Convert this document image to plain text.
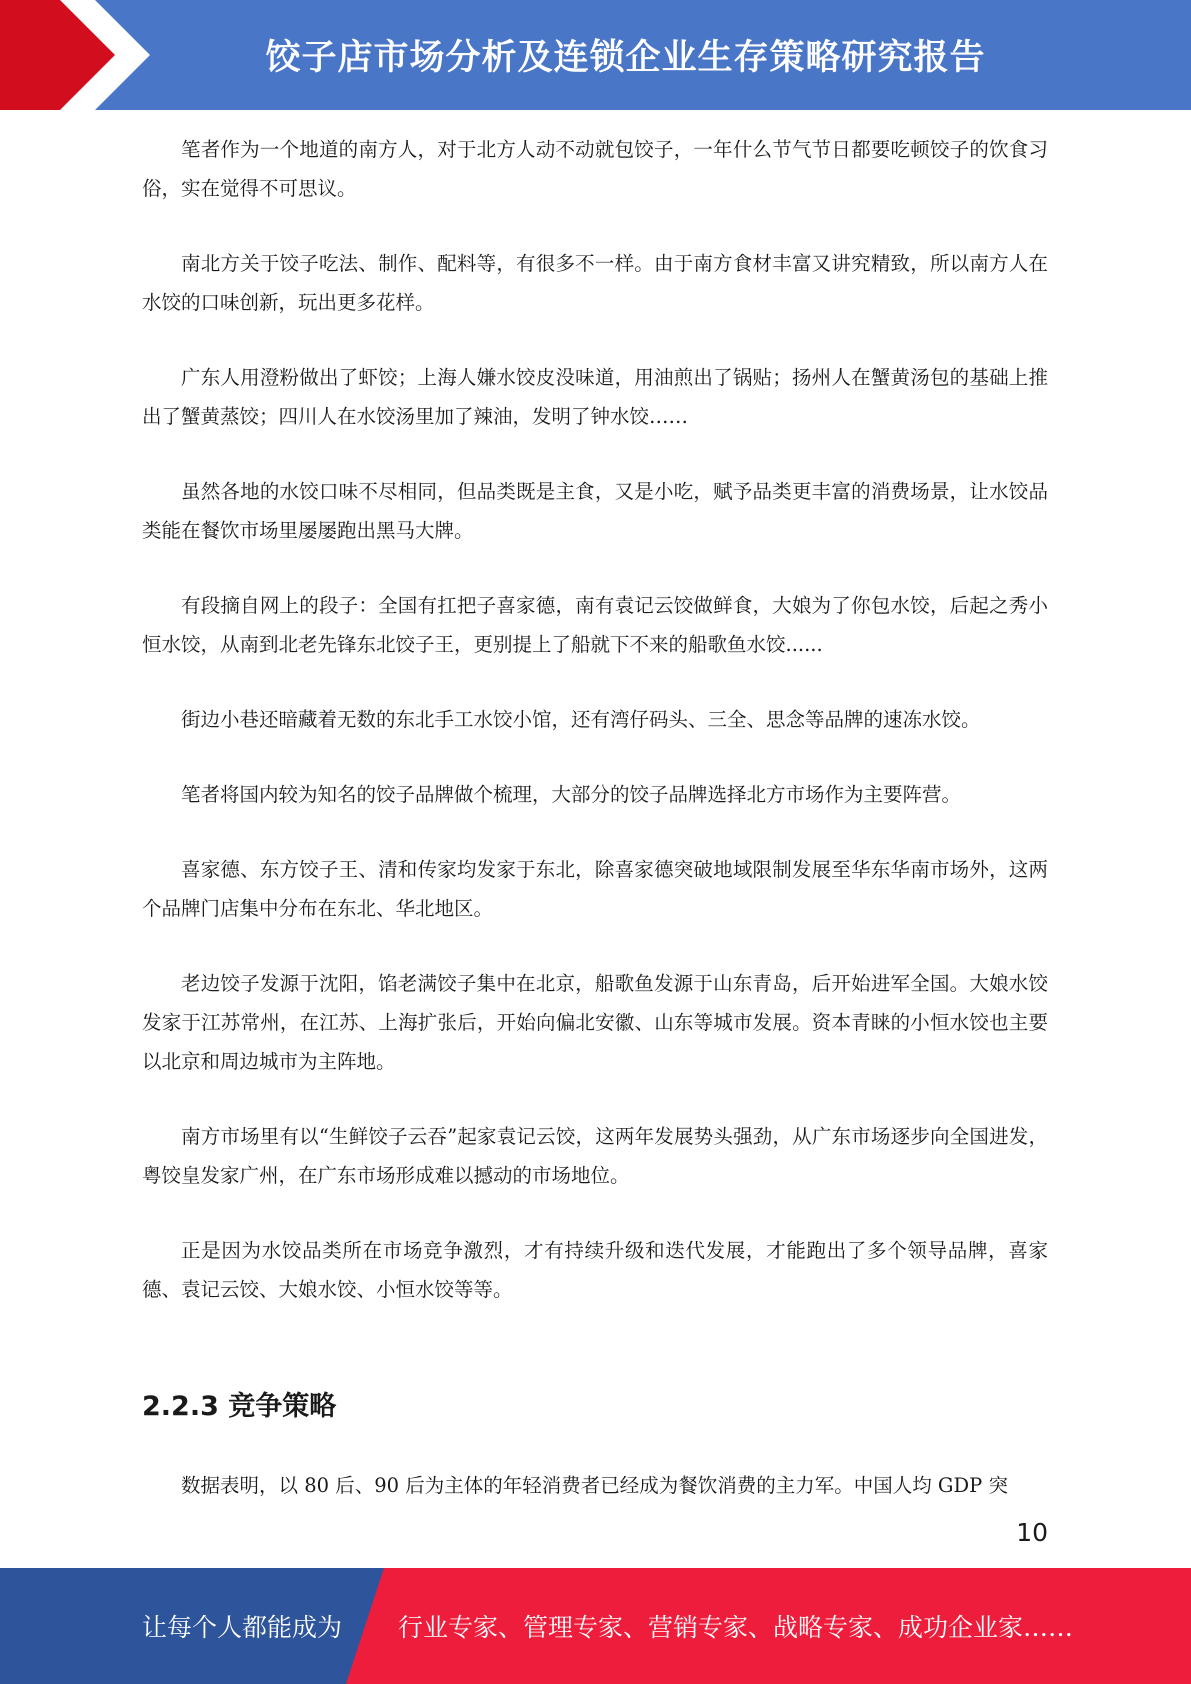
饺子店市场分析及连锁企业生存策略研究报告

笔者作为一个地道的南方人，对于北方人动不动就包饺子，一年什么节气节日都要吃顿饺子的饮食习俗，实在觉得不可思议。

南北方关于饺子吃法、制作、配料等，有很多不一样。由于南方食材丰富又讲究精致，所以南方人在水饺的口味创新，玩出更多花样。

广东人用澄粉做出了虾饺；上海人嫌水饺皮没味道，用油煎出了锅贴；扬州人在蟹黄汤包的基础上推出了蟹黄蒸饺；四川人在水饺汤里加了辣油，发明了钟水饺……

虽然各地的水饺口味不尽相同，但品类既是主食，又是小吃，赋予品类更丰富的消费场景，让水饺品类能在餐饮市场里屡屡跑出黑马大牌。

有段摘自网上的段子：全国有扛把子喜家德，南有袁记云饺做鲜食，大娘为了你包水饺，后起之秀小恒水饺，从南到北老先锋东北饺子王，更别提上了船就下不来的船歌鱼水饺......

街边小巷还暗藏着无数的东北手工水饺小馆，还有湾仔码头、三全、思念等品牌的速冻水饺。

笔者将国内较为知名的饺子品牌做个梳理，大部分的饺子品牌选择北方市场作为主要阵营。

喜家德、东方饺子王、清和传家均发家于东北，除喜家德突破地域限制发展至华东华南市场外，这两个品牌门店集中分布在东北、华北地区。

老边饺子发源于沈阳，馅老满饺子集中在北京，船歌鱼发源于山东青岛，后开始进军全国。大娘水饺发家于江苏常州，在江苏、上海扩张后，开始向偏北安徽、山东等城市发展。资本青睐的小恒水饺也主要以北京和周边城市为主阵地。

南方市场里有以“生鲜饺子云吞”起家袁记云饺，这两年发展势头强劲，从广东市场逐步向全国进发，粤饺皇发家广州，在广东市场形成难以撼动的市场地位。

正是因为水饺品类所在市场竞争激烈，才有持续升级和迭代发展，才能跑出了多个领导品牌，喜家德、袁记云饺、大娘水饺、小恒水饺等等。

2.2.3 竞争策略

数据表明，以 80 后、90 后为主体的年轻消费者已经成为餐饮消费的主力军。中国人均 GDP 突

10
让每个人都能成为 行业专家、管理专家、营销专家、战略专家、成功企业家……
